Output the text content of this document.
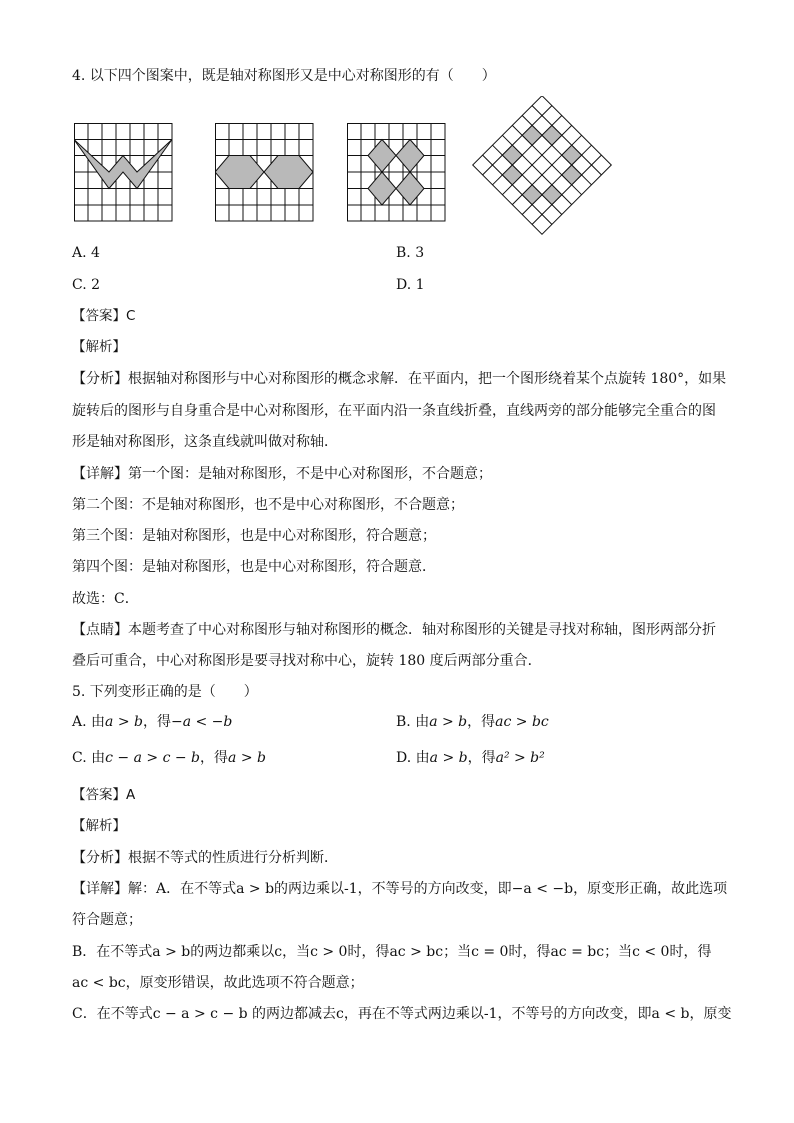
4. 以下四个图案中，既是轴对称图形又是中心对称图形的有（　　）
A. 4	B. 3
C. 2	D. 1
【答案】C
【解析】
【分析】根据轴对称图形与中心对称图形的概念求解．在平面内，把一个图形绕着某个点旋转 180°，如果
旋转后的图形与自身重合是中心对称图形，在平面内沿一条直线折叠，直线两旁的部分能够完全重合的图
形是轴对称图形，这条直线就叫做对称轴．
【详解】第一个图：是轴对称图形，不是中心对称图形，不合题意；
第二个图：不是轴对称图形，也不是中心对称图形，不合题意；
第三个图：是轴对称图形，也是中心对称图形，符合题意；
第四个图：是轴对称图形，也是中心对称图形，符合题意．
故选：C．
【点睛】本题考查了中心对称图形与轴对称图形的概念．轴对称图形的关键是寻找对称轴，图形两部分折
叠后可重合，中心对称图形是要寻找对称中心，旋转 180 度后两部分重合．
5. 下列变形正确的是（　　）
A. 由a > b，得−a < −b	B. 由a > b，得ac > bc
C. 由c − a > c − b，得a > b	D. 由a > b，得a² > b²
【答案】A
【解析】
【分析】根据不等式的性质进行分析判断．
【详解】解：A．在不等式a > b的两边乘以-1，不等号的方向改变，即−a < −b，原变形正确，故此选项
符合题意；
B．在不等式a > b的两边都乘以c，当c > 0时，得ac > bc；当c = 0时，得ac = bc；当c < 0时，得
ac < bc，原变形错误，故此选项不符合题意；
C．在不等式c − a > c − b 的两边都减去c，再在不等式两边乘以-1，不等号的方向改变，即a < b，原变
